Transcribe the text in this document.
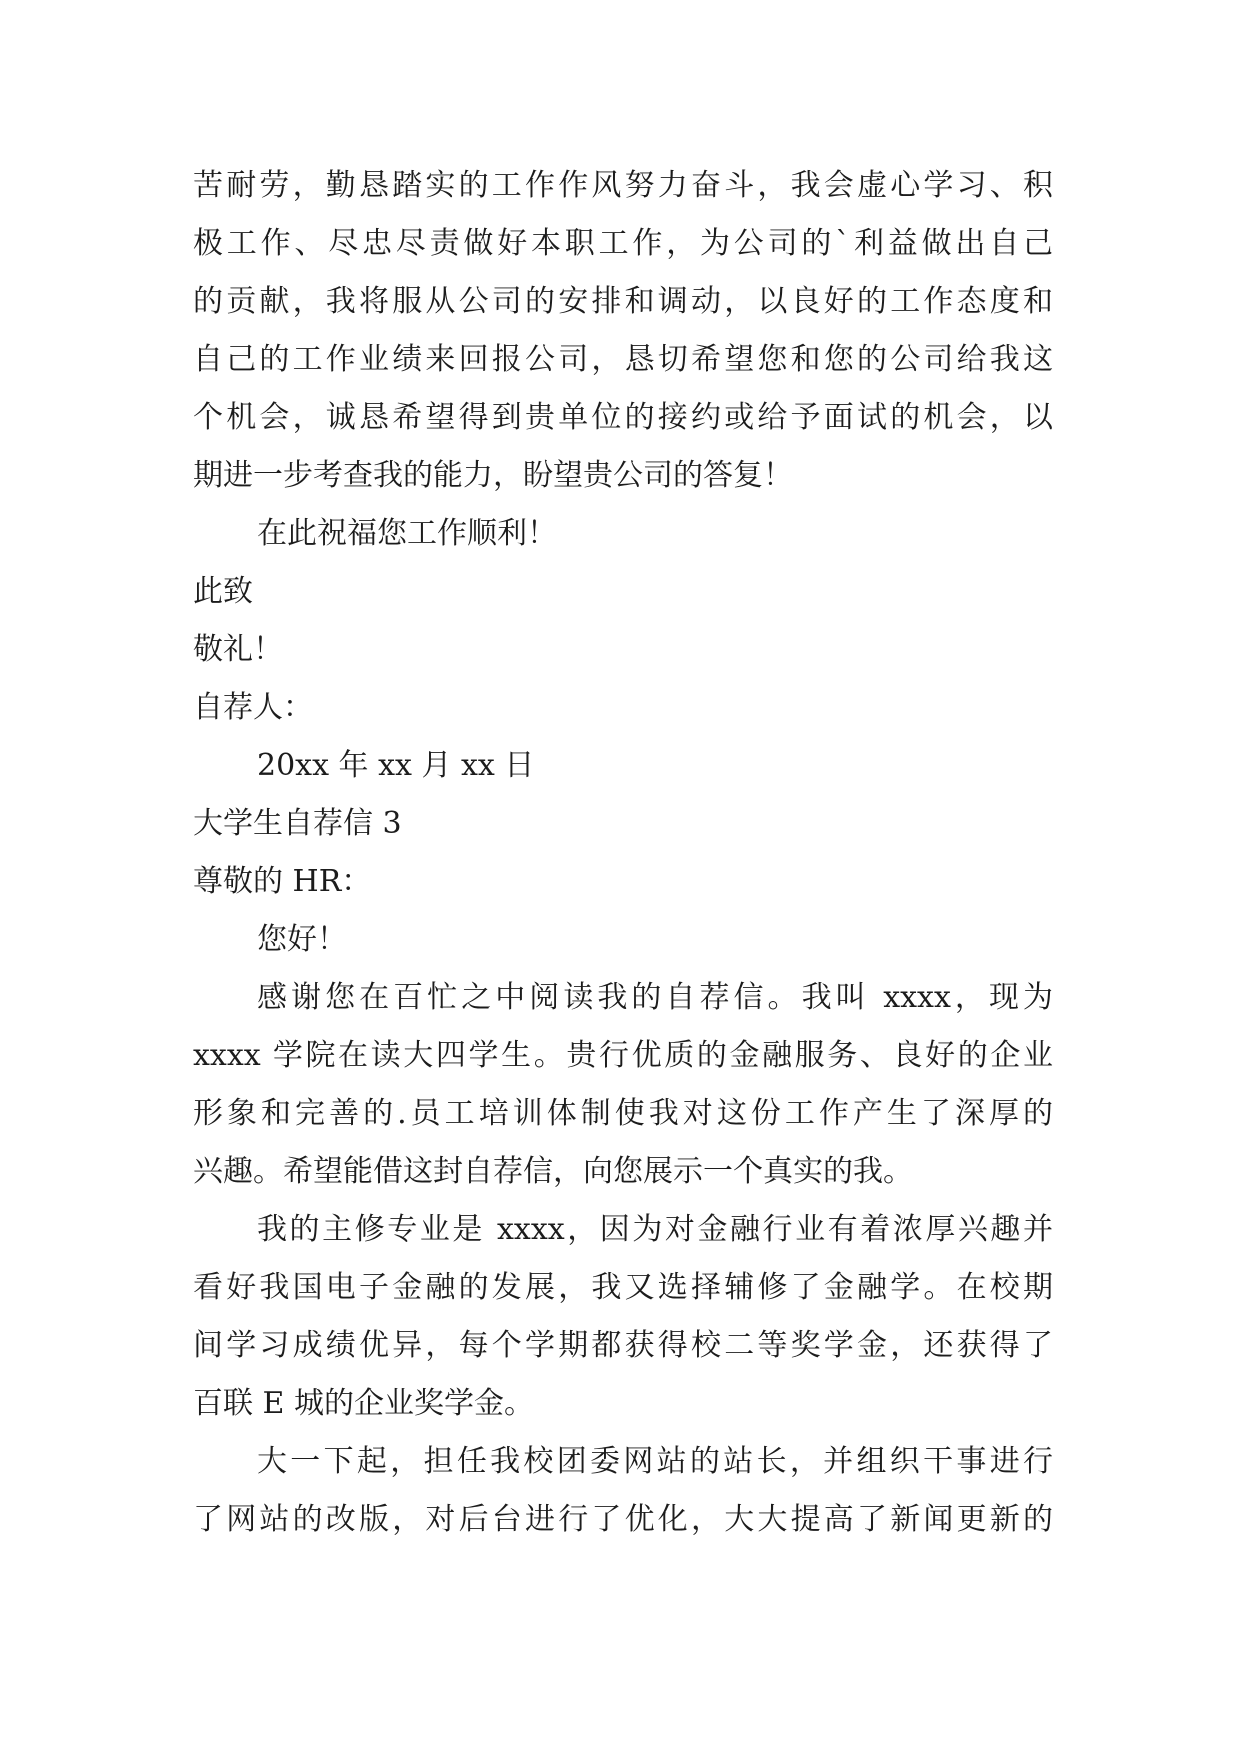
苦耐劳，勤恳踏实的工作作风努力奋斗，我会虚心学习、积
极工作、尽忠尽责做好本职工作，为公司的`利益做出自己
的贡献，我将服从公司的安排和调动，以良好的工作态度和
自己的工作业绩来回报公司，恳切希望您和您的公司给我这
个机会，诚恳希望得到贵单位的接约或给予面试的机会，以
期进一步考查我的能力，盼望贵公司的答复！
在此祝福您工作顺利！
此致
敬礼！
自荐人：
20xx 年 xx 月 xx 日
大学生自荐信 3
尊敬的 HR：
您好！
感谢您在百忙之中阅读我的自荐信。我叫 xxxx，现为
xxxx 学院在读大四学生。贵行优质的金融服务、良好的企业
形象和完善的.员工培训体制使我对这份工作产生了深厚的
兴趣。希望能借这封自荐信，向您展示一个真实的我。
我的主修专业是 xxxx，因为对金融行业有着浓厚兴趣并
看好我国电子金融的发展，我又选择辅修了金融学。在校期
间学习成绩优异，每个学期都获得校二等奖学金，还获得了
百联 E 城的企业奖学金。
大一下起，担任我校团委网站的站长，并组织干事进行
了网站的改版，对后台进行了优化，大大提高了新闻更新的
